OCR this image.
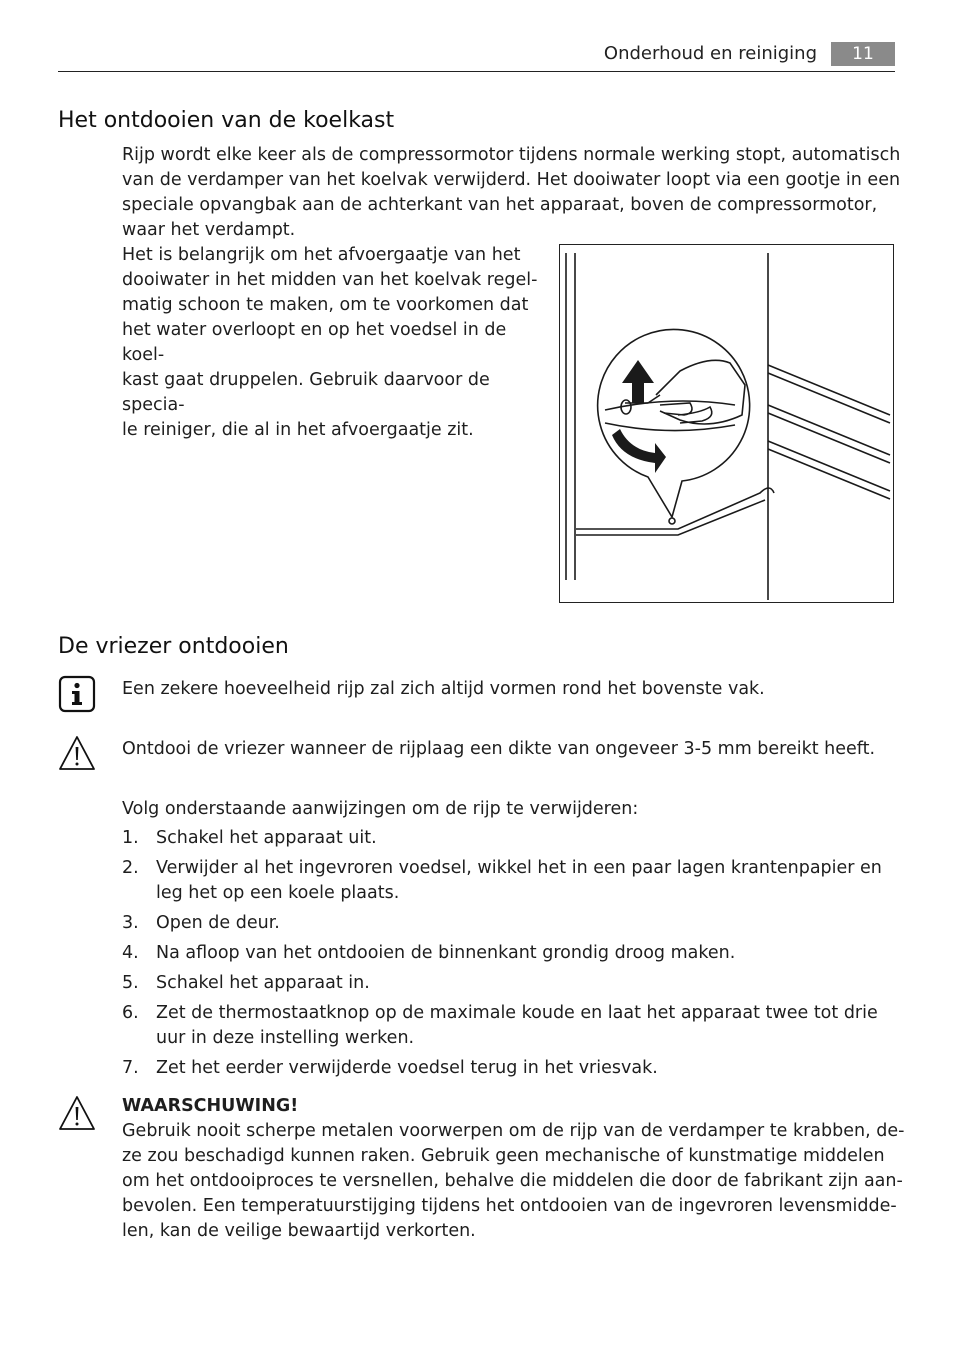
Onderhoud en reiniging	11
Het ontdooien van de koelkast
Rijp wordt elke keer als de compressormotor tijdens normale werking stopt, automatisch
van de verdamper van het koelvak verwijderd. Het dooiwater loopt via een gootje in een
speciale opvangbak aan de achterkant van het apparaat, boven de compressormotor,
waar het verdampt.
Het is belangrijk om het afvoergaatje van het
dooiwater in het midden van het koelvak regel-
matig schoon te maken, om te voorkomen dat
het water overloopt en op het voedsel in de koel-
kast gaat druppelen. Gebruik daarvoor de specia-
le reiniger, die al in het afvoergaatje zit.
De vriezer ontdooien
Een zekere hoeveelheid rijp zal zich altijd vormen rond het bovenste vak.
Ontdooi de vriezer wanneer de rijplaag een dikte van ongeveer 3-5 mm bereikt heeft.
Volg onderstaande aanwijzingen om de rijp te verwijderen:
1. Schakel het apparaat uit.
2. Verwijder al het ingevroren voedsel, wikkel het in een paar lagen krantenpapier en
leg het op een koele plaats.
3. Open de deur.
4. Na afloop van het ontdooien de binnenkant grondig droog maken.
5. Schakel het apparaat in.
6. Zet de thermostaatknop op de maximale koude en laat het apparaat twee tot drie
uur in deze instelling werken.
7. Zet het eerder verwijderde voedsel terug in het vriesvak.
WAARSCHUWING!
Gebruik nooit scherpe metalen voorwerpen om de rijp van de verdamper te krabben, de-
ze zou beschadigd kunnen raken. Gebruik geen mechanische of kunstmatige middelen
om het ontdooiproces te versnellen, behalve die middelen die door de fabrikant zijn aan-
bevolen. Een temperatuurstijging tijdens het ontdooien van de ingevroren levensmidde-
len, kan de veilige bewaartijd verkorten.
